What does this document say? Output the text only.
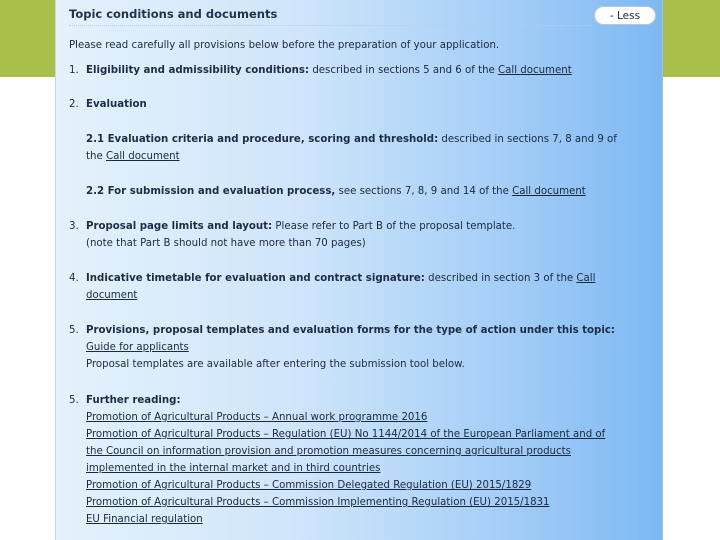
Topic conditions and documents	- Less
Please read carefully all provisions below before the preparation of your application.
1. Eligibility and admissibility conditions: described in sections 5 and 6 of the Call document
2. Evaluation
2.1 Evaluation criteria and procedure, scoring and threshold: described in sections 7, 8 and 9 of
the Call document
2.2 For submission and evaluation process, see sections 7, 8, 9 and 14 of the Call document
3. Proposal page limits and layout: Please refer to Part B of the proposal template.
(note that Part B should not have more than 70 pages)
4. Indicative timetable for evaluation and contract signature: described in section 3 of the Call
document
5. Provisions, proposal templates and evaluation forms for the type of action under this topic:
Guide for applicants
Proposal templates are available after entering the submission tool below.
5. Further reading:
Promotion of Agricultural Products – Annual work programme 2016
Promotion of Agricultural Products – Regulation (EU) No 1144/2014 of the European Parliament and of
the Council on information provision and promotion measures concerning agricultural products
implemented in the internal market and in third countries
Promotion of Agricultural Products – Commission Delegated Regulation (EU) 2015/1829
Promotion of Agricultural Products – Commission Implementing Regulation (EU) 2015/1831
EU Financial regulation
